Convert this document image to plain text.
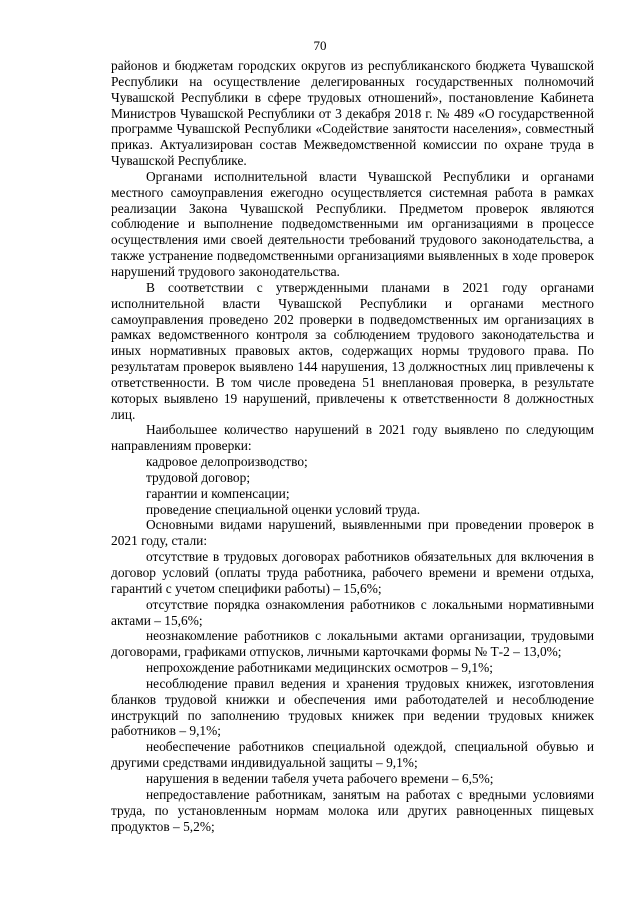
70

районов и бюджетам городских округов из республиканского бюджета Чувашской Республики на осуществление делегированных государственных полномочий Чувашской Республики в сфере трудовых отношений», постановление Кабинета Министров Чувашской Республики от 3 декабря 2018 г. № 489 «О государственной программе Чувашской Республики «Содействие занятости населения», совместный приказ. Актуализирован состав Межведомственной комиссии по охране труда в Чувашской Республике.

Органами исполнительной власти Чувашской Республики и органами местного самоуправления ежегодно осуществляется системная работа в рамках реализации Закона Чувашской Республики. Предметом проверок являются соблюдение и выполнение подведомственными им организациями в процессе осуществления ими своей деятельности требований трудового законодательства, а также устранение подведомственными организациями выявленных в ходе проверок нарушений трудового законодательства.

В соответствии с утвержденными планами в 2021 году органами исполнительной власти Чувашской Республики и органами местного самоуправления проведено 202 проверки в подведомственных им организациях в рамках ведомственного контроля за соблюдением трудового законодательства и иных нормативных правовых актов, содержащих нормы трудового права. По результатам проверок выявлено 144 нарушения, 13 должностных лиц привлечены к ответственности. В том числе проведена 51 внеплановая проверка, в результате которых выявлено 19 нарушений, привлечены к ответственности 8 должностных лиц.

Наибольшее количество нарушений в 2021 году выявлено по следующим направлениям проверки:

кадровое делопроизводство;

трудовой договор;

гарантии и компенсации;

проведение специальной оценки условий труда.

Основными видами нарушений, выявленными при проведении проверок в 2021 году, стали:

отсутствие в трудовых договорах работников обязательных для включения в договор условий (оплаты труда работника, рабочего времени и времени отдыха, гарантий с учетом специфики работы) – 15,6%;

отсутствие порядка ознакомления работников с локальными нормативными актами – 15,6%;

неознакомление работников с локальными актами организации, трудовыми договорами, графиками отпусков, личными карточками формы № Т-2 – 13,0%;

непрохождение работниками медицинских осмотров – 9,1%;

несоблюдение правил ведения и хранения трудовых книжек, изготовления бланков трудовой книжки и обеспечения ими работодателей и несоблюдение инструкций по заполнению трудовых книжек при ведении трудовых книжек работников – 9,1%;

необеспечение работников специальной одеждой, специальной обувью и другими средствами индивидуальной защиты – 9,1%;

нарушения в ведении табеля учета рабочего времени – 6,5%;

непредоставление работникам, занятым на работах с вредными условиями труда, по установленным нормам молока или других равноценных пищевых продуктов – 5,2%;
